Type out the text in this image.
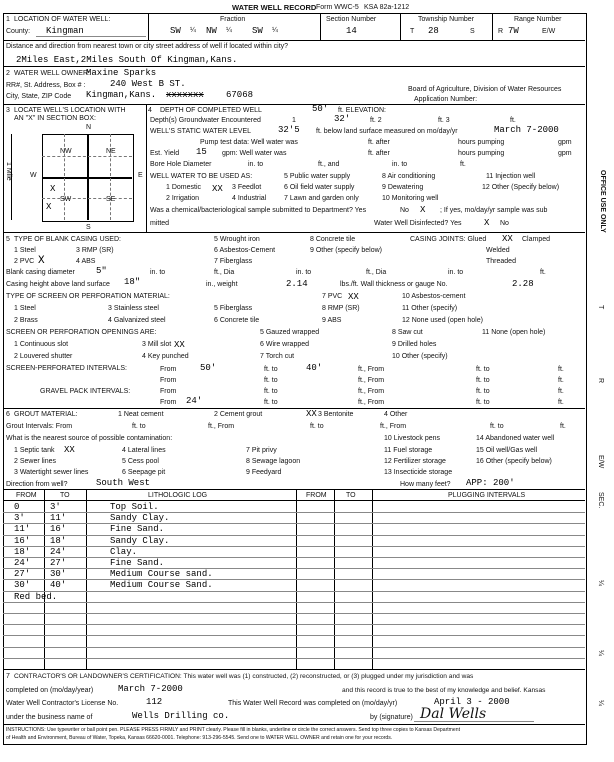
WATER WELL RECORD Form WWC-5 KSA 82a-1212
1 LOCATION OF WATER WELL:
County: Kingman
Fraction
SW ¼ NW ¼ SW ¼
Section Number
14
Township Number
T 28	S
Range Number
R 7W	E/W
Distance and direction from nearest town or city street address of well if located within city?
2Miles East,2Miles South Of Kingman,Kans.
2 WATER WELL OWNER:
Maxine Sparks
RR#, St. Address, Box # :	240 West B ST.
City, State, ZIP Code Kingman,Kans. xxxxxxx 67068
Board of Agriculture, Division of Water Resources
Application Number:
3 LOCATE WELL'S LOCATION WITH
AN "X" IN SECTION BOX:
N
S
W	E
NW	NE
SW	SE
X
X
1 Mile
4 DEPTH OF COMPLETED WELL	50' ft. ELEVATION:
Depth(s) Groundwater Encountered	1	32'	ft. 2	ft. 3	ft.
WELL'S STATIC WATER LEVEL	32'5 ft. below land surface measured on mo/day/yr	March 7-2000
Pump test data: Well water was	ft. after	hours pumping	gpm
Est. Yield 15 gpm: Well water was	ft. after	hours pumping	gpm
Bore Hole Diameter	in. to	ft., and	in. to	ft.
WELL WATER TO BE USED AS:	5 Public water supply	8 Air conditioning	11 Injection well
1 Domestic XX 3 Feedlot	6 Oil field water supply	9 Dewatering	12 Other (Specify below)
2 Irrigation	4 Industrial	7 Lawn and garden only	10 Monitoring well
Was a chemical/bacteriological sample submitted to Department? Yes	No X ; If yes, mo/day/yr sample was sub
mitted	Water Well Disinfected? Yes X No
5 TYPE OF BLANK CASING USED:	5 Wrought iron	8 Concrete tile	CASING JOINTS: Glued XX Clamped
1 Steel	3 RMP (SR)	6 Asbestos-Cement	9 Other (specify below)	Welded
2 PVC X	4 ABS	7 Fiberglass	Threaded
Blank casing diameter 5"	in. to	ft., Dia	in. to	ft., Dia	in. to	ft.
Casing height above land surface 18"	in., weight	2.14	lbs./ft. Wall thickness or gauge No.	2.28
TYPE OF SCREEN OR PERFORATION MATERIAL:	7 PVC XX	10 Asbestos-cement
1 Steel	3 Stainless steel	5 Fiberglass	8 RMP (SR)	11 Other (specify)
2 Brass	4 Galvanized steel	6 Concrete tile	9 ABS	12 None used (open hole)
SCREEN OR PERFORATION OPENINGS ARE:	5 Gauzed wrapped	8 Saw cut	11 None (open hole)
1 Continuous slot	3 Mill slot XX	6 Wire wrapped	9 Drilled holes
2 Louvered shutter	4 Key punched	7 Torch cut	10 Other (specify)
SCREEN-PERFORATED INTERVALS:	From	50'	ft. to	40'	ft., From	ft. to	ft.
From	ft. to	ft., From	ft. to	ft.
GRAVEL PACK INTERVALS:	From	ft. to	ft., From	ft. to	ft.
From 24'	ft. to	ft., From	ft. to	ft.
6 GROUT MATERIAL:	1 Neat cement	2 Cement grout	XX 3 Bentonite	4 Other
Grout Intervals: From	ft. to	ft., From	ft. to	ft., From	ft. to	ft.
What is the nearest source of possible contamination:	10 Livestock pens	14 Abandoned water well
1 Septic tank XX	4 Lateral lines	7 Pit privy	11 Fuel storage	15 Oil well/Gas well
2 Sewer lines	5 Cess pool	8 Sewage lagoon	12 Fertilizer storage	16 Other (specify below)
3 Watertight sewer lines	6 Seepage pit	9 Feedyard	13 Insecticide storage
Direction from well?	South West	How many feet? APP: 200'
FROM	TO	LITHOLOGIC LOG	FROM	TO	PLUGGING INTERVALS
0	3'	Top Soil.
3'	11'	Sandy Clay.
11' 16'	Fine Sand.
16' 18'	Sandy Clay.
18' 24'	Clay.
24' 27'	Fine Sand.
27' 30'	Medium Course sand.
30' 40'	Medium Course Sand.
Red bed.
7 CONTRACTOR'S OR LANDOWNER'S CERTIFICATION: This water well was (1) constructed, (2) reconstructed, or (3) plugged under my jurisdiction and was
completed on (mo/day/year)	March 7-2000	and this record is true to the best of my knowledge and belief. Kansas
Water Well Contractor's License No.	112	This Water Well Record was completed on (mo/day/yr)	April 3 - 2000
under the business name of	Wells Drilling co.	by (signature) Dal Wells
INSTRUCTIONS: Use typewriter or ball point pen. PLEASE PRESS FIRMLY and PRINT clearly. Please fill in blanks, underline or circle the correct answers. Send top three copies to Kansas Department
of Health and Environment, Bureau of Water, Topeka, Kansas 66620-0001. Telephone: 913-296-5545. Send one to WATER WELL OWNER and retain one for your records.
OFFICE USE ONLY
T
R
E/W
SEC.
¼
¼
¼
